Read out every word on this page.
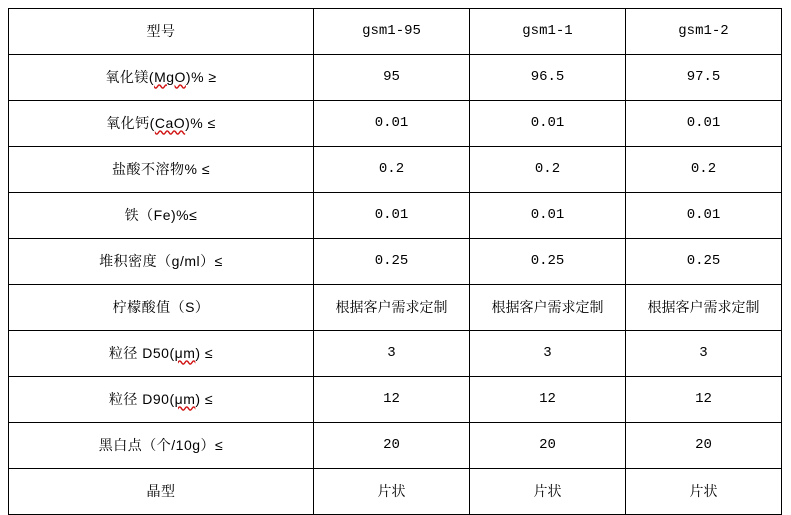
型号	gsm1-95	gsm1-1	gsm1-2
氧化镁(MgO)% ≥	95	96.5	97.5
氧化钙(CaO)% ≤	0.01	0.01	0.01
盐酸不溶物% ≤	0.2	0.2	0.2
铁（Fe)%≤	0.01	0.01	0.01
堆积密度（g/ml）≤	0.25	0.25	0.25
柠檬酸值（S）	根据客户需求定制	根据客户需求定制	根据客户需求定制
粒径 D50(μm) ≤	3	3	3
粒径 D90(μm) ≤	12	12	12
黑白点（个/10g）≤	20	20	20
晶型	片状	片状	片状
